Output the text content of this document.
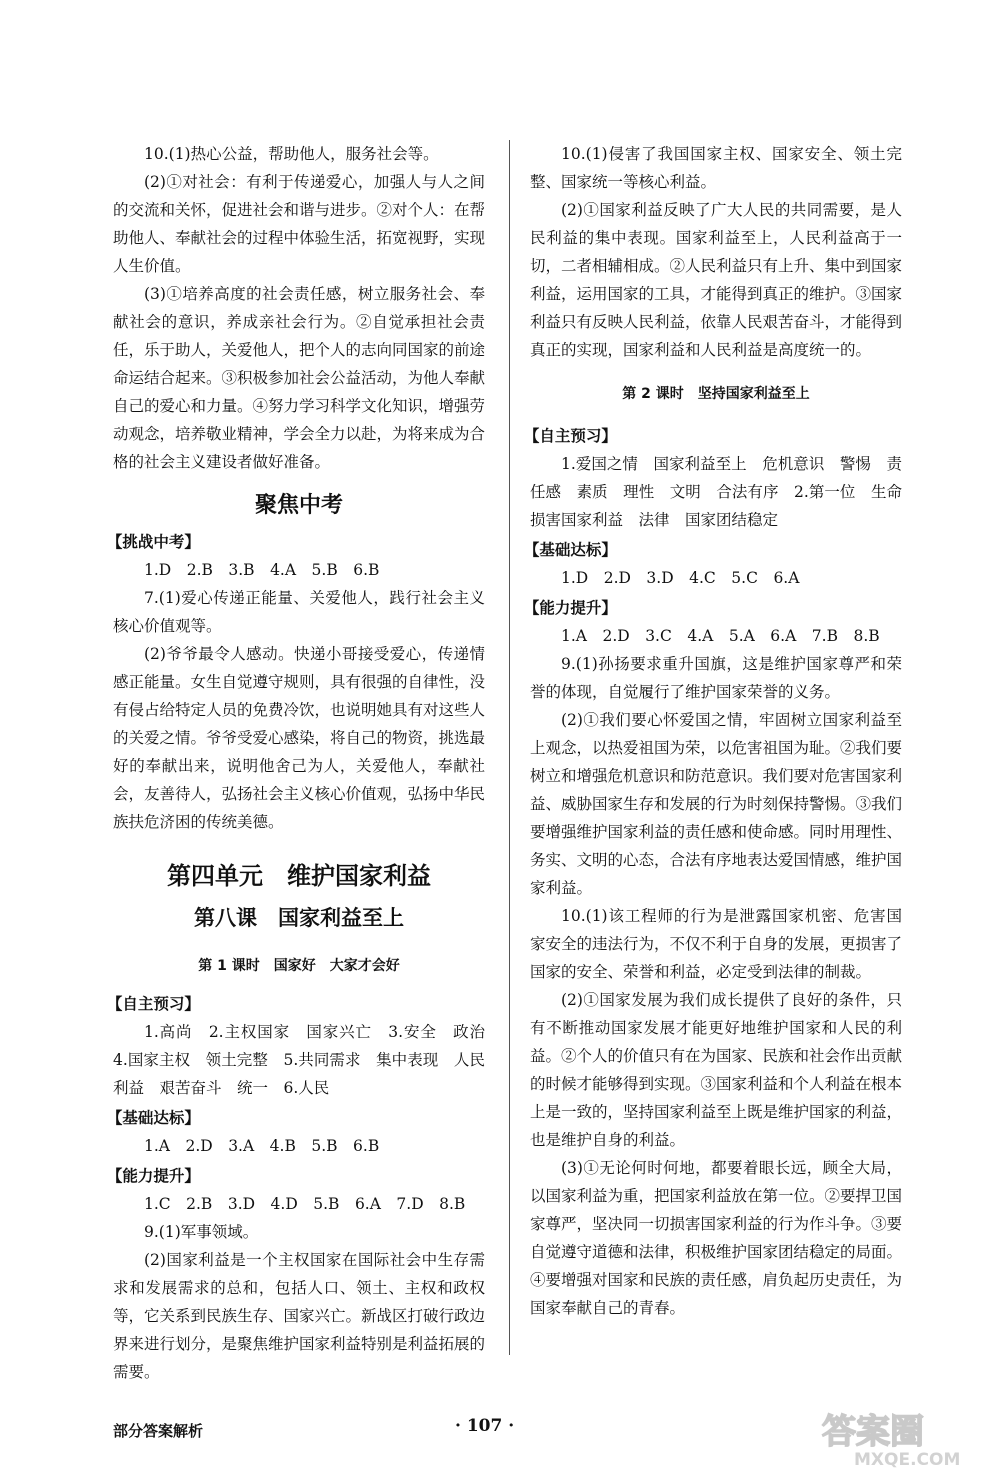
10.(1)热心公益，帮助他人，服务社会等。

(2)①对社会：有利于传递爱心，加强人与人之间的交流和关怀，促进社会和谐与进步。②对个人：在帮助他人、奉献社会的过程中体验生活，拓宽视野，实现人生价值。

(3)①培养高度的社会责任感，树立服务社会、奉献社会的意识，养成亲社会行为。②自觉承担社会责任，乐于助人，关爱他人，把个人的志向同国家的前途命运结合起来。③积极参加社会公益活动，为他人奉献自己的爱心和力量。④努力学习科学文化知识，增强劳动观念，培养敬业精神，学会全力以赴，为将来成为合格的社会主义建设者做好准备。

聚焦中考

【挑战中考】

1.D　2.B　3.B　4.A　5.B　6.B

7.(1)爱心传递正能量、关爱他人，践行社会主义核心价值观等。

(2)爷爷最令人感动。快递小哥接受爱心，传递情感正能量。女生自觉遵守规则，具有很强的自律性，没有侵占给特定人员的免费冷饮，也说明她具有对这些人的关爱之情。爷爷受爱心感染，将自己的物资，挑选最好的奉献出来，说明他舍己为人，关爱他人，奉献社会，友善待人，弘扬社会主义核心价值观，弘扬中华民族扶危济困的传统美德。

第四单元　维护国家利益

第八课　国家利益至上

第 1 课时　国家好　大家才会好

【自主预习】

1.高尚　2.主权国家　国家兴亡　3.安全　政治　4.国家主权　领土完整　5.共同需求　集中表现　人民利益　艰苦奋斗　统一　6.人民

【基础达标】

1.A　2.D　3.A　4.B　5.B　6.B

【能力提升】

1.C　2.B　3.D　4.D　5.B　6.A　7.D　8.B

9.(1)军事领域。

(2)国家利益是一个主权国家在国际社会中生存需求和发展需求的总和，包括人口、领土、主权和政权等，它关系到民族生存、国家兴亡。新战区打破行政边界来进行划分，是聚焦维护国家利益特别是利益拓展的需要。

10.(1)侵害了我国国家主权、国家安全、领土完整、国家统一等核心利益。

(2)①国家利益反映了广大人民的共同需要，是人民利益的集中表现。国家利益至上，人民利益高于一切，二者相辅相成。②人民利益只有上升、集中到国家利益，运用国家的工具，才能得到真正的维护。③国家利益只有反映人民利益，依靠人民艰苦奋斗，才能得到真正的实现，国家利益和人民利益是高度统一的。

第 2 课时　坚持国家利益至上

【自主预习】

1.爱国之情　国家利益至上　危机意识　警惕　责任感　素质　理性　文明　合法有序　2.第一位　生命　损害国家利益　法律　国家团结稳定

【基础达标】

1.D　2.D　3.D　4.C　5.C　6.A

【能力提升】

1.A　2.D　3.C　4.A　5.A　6.A　7.B　8.B

9.(1)孙扬要求重升国旗，这是维护国家尊严和荣誉的体现，自觉履行了维护国家荣誉的义务。

(2)①我们要心怀爱国之情，牢固树立国家利益至上观念，以热爱祖国为荣，以危害祖国为耻。②我们要树立和增强危机意识和防范意识。我们要对危害国家利益、威胁国家生存和发展的行为时刻保持警惕。③我们要增强维护国家利益的责任感和使命感。同时用理性、务实、文明的心态，合法有序地表达爱国情感，维护国家利益。

10.(1)该工程师的行为是泄露国家机密、危害国家安全的违法行为，不仅不利于自身的发展，更损害了国家的安全、荣誉和利益，必定受到法律的制裁。

(2)①国家发展为我们成长提供了良好的条件，只有不断推动国家发展才能更好地维护国家和人民的利益。②个人的价值只有在为国家、民族和社会作出贡献的时候才能够得到实现。③国家利益和个人利益在根本上是一致的，坚持国家利益至上既是维护国家的利益，也是维护自身的利益。

(3)①无论何时何地，都要着眼长远，顾全大局，以国家利益为重，把国家利益放在第一位。②要捍卫国家尊严，坚决同一切损害国家利益的行为作斗争。③要自觉遵守道德和法律，积极维护国家团结稳定的局面。④要增强对国家和民族的责任感，肩负起历史责任，为国家奉献自己的青春。

部分答案解析	· 107 ·	答案圈
MXQE.COM
